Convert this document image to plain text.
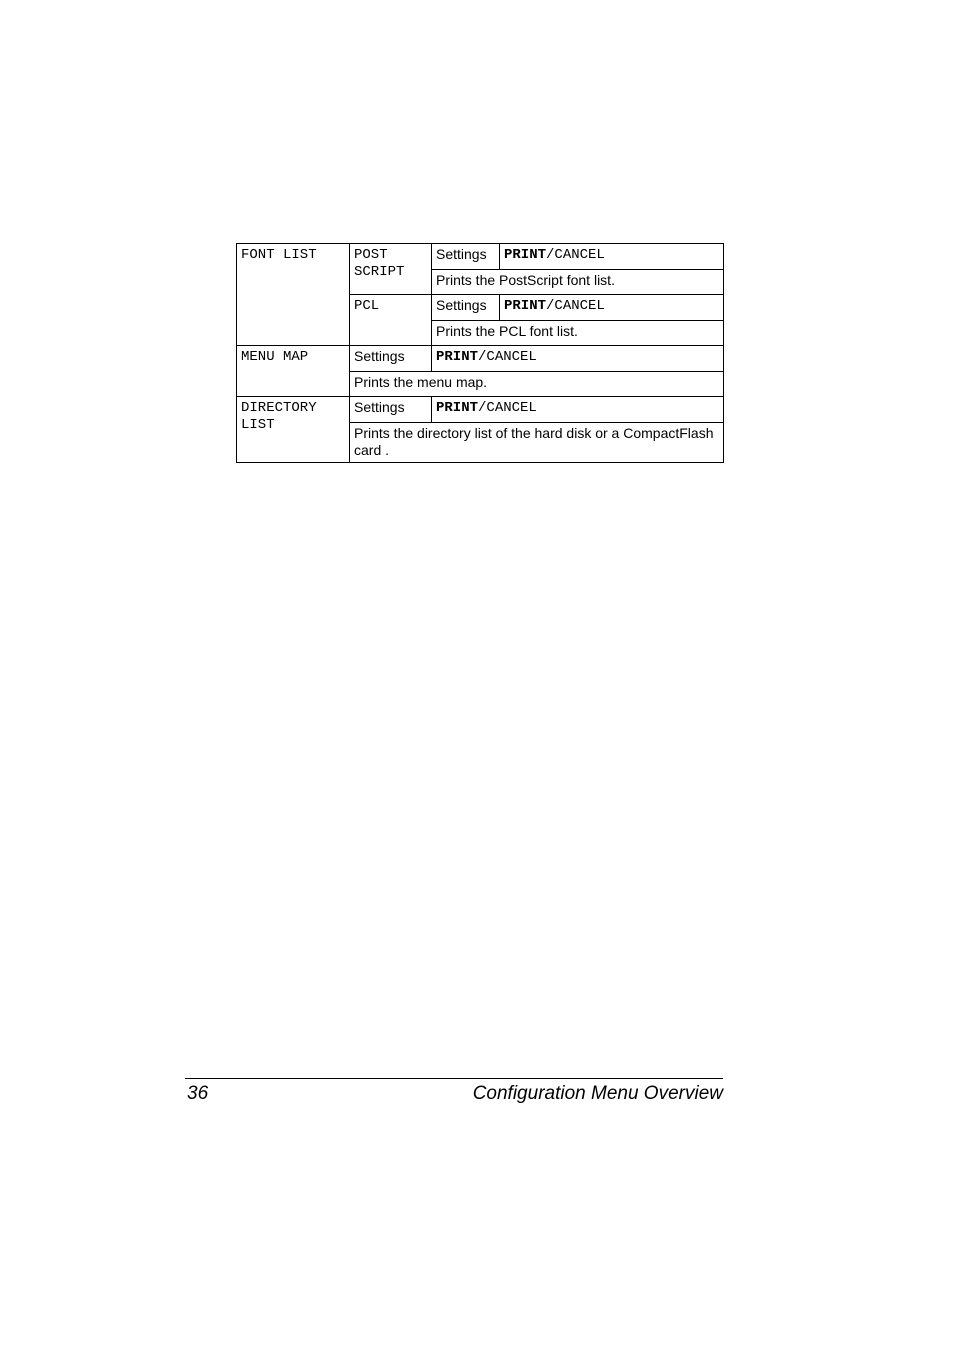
FONT LIST	POST SCRIPT	Settings	PRINT/CANCEL
		Prints the PostScript font list.	
	PCL	Settings	PRINT/CANCEL
		Prints the PCL font list.	
MENU MAP	Settings	PRINT/CANCEL	
	Prints the menu map.		
DIRECTORY LIST	Settings	PRINT/CANCEL	
	Prints the directory list of the hard disk or a CompactFlash card .		
36	Configuration Menu Overview
